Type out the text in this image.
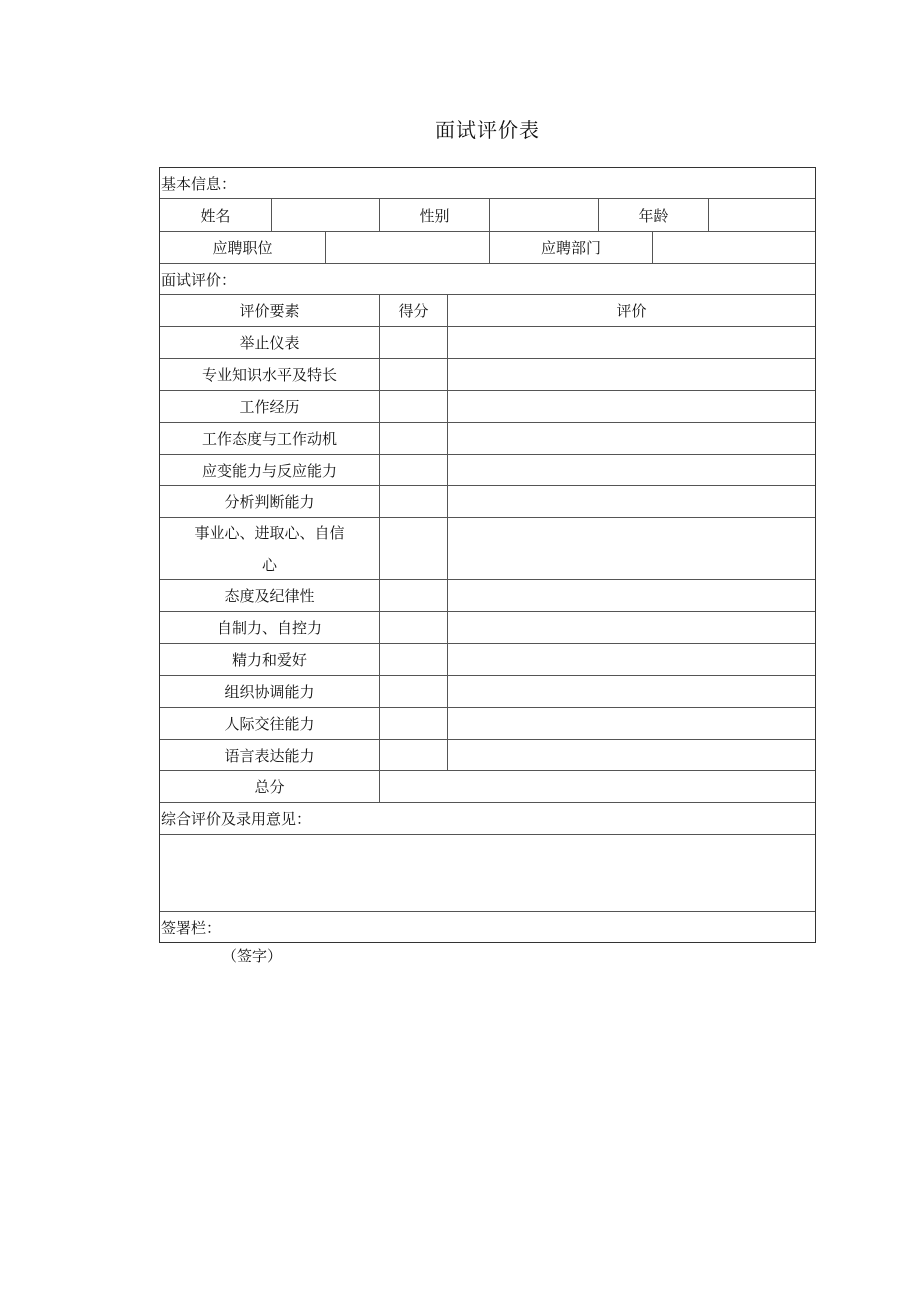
面试评价表
基本信息：
姓名	性别	年龄
应聘职位	应聘部门
面试评价：
评价要素	得分	评价
举止仪表
专业知识水平及特长
工作经历
工作态度与工作动机
应变能力与反应能力
分析判断能力
事业心、进取心、自信心
态度及纪律性
自制力、自控力
精力和爱好
组织协调能力
人际交往能力
语言表达能力
总分
综合评价及录用意见：
签署栏：
（签字）
